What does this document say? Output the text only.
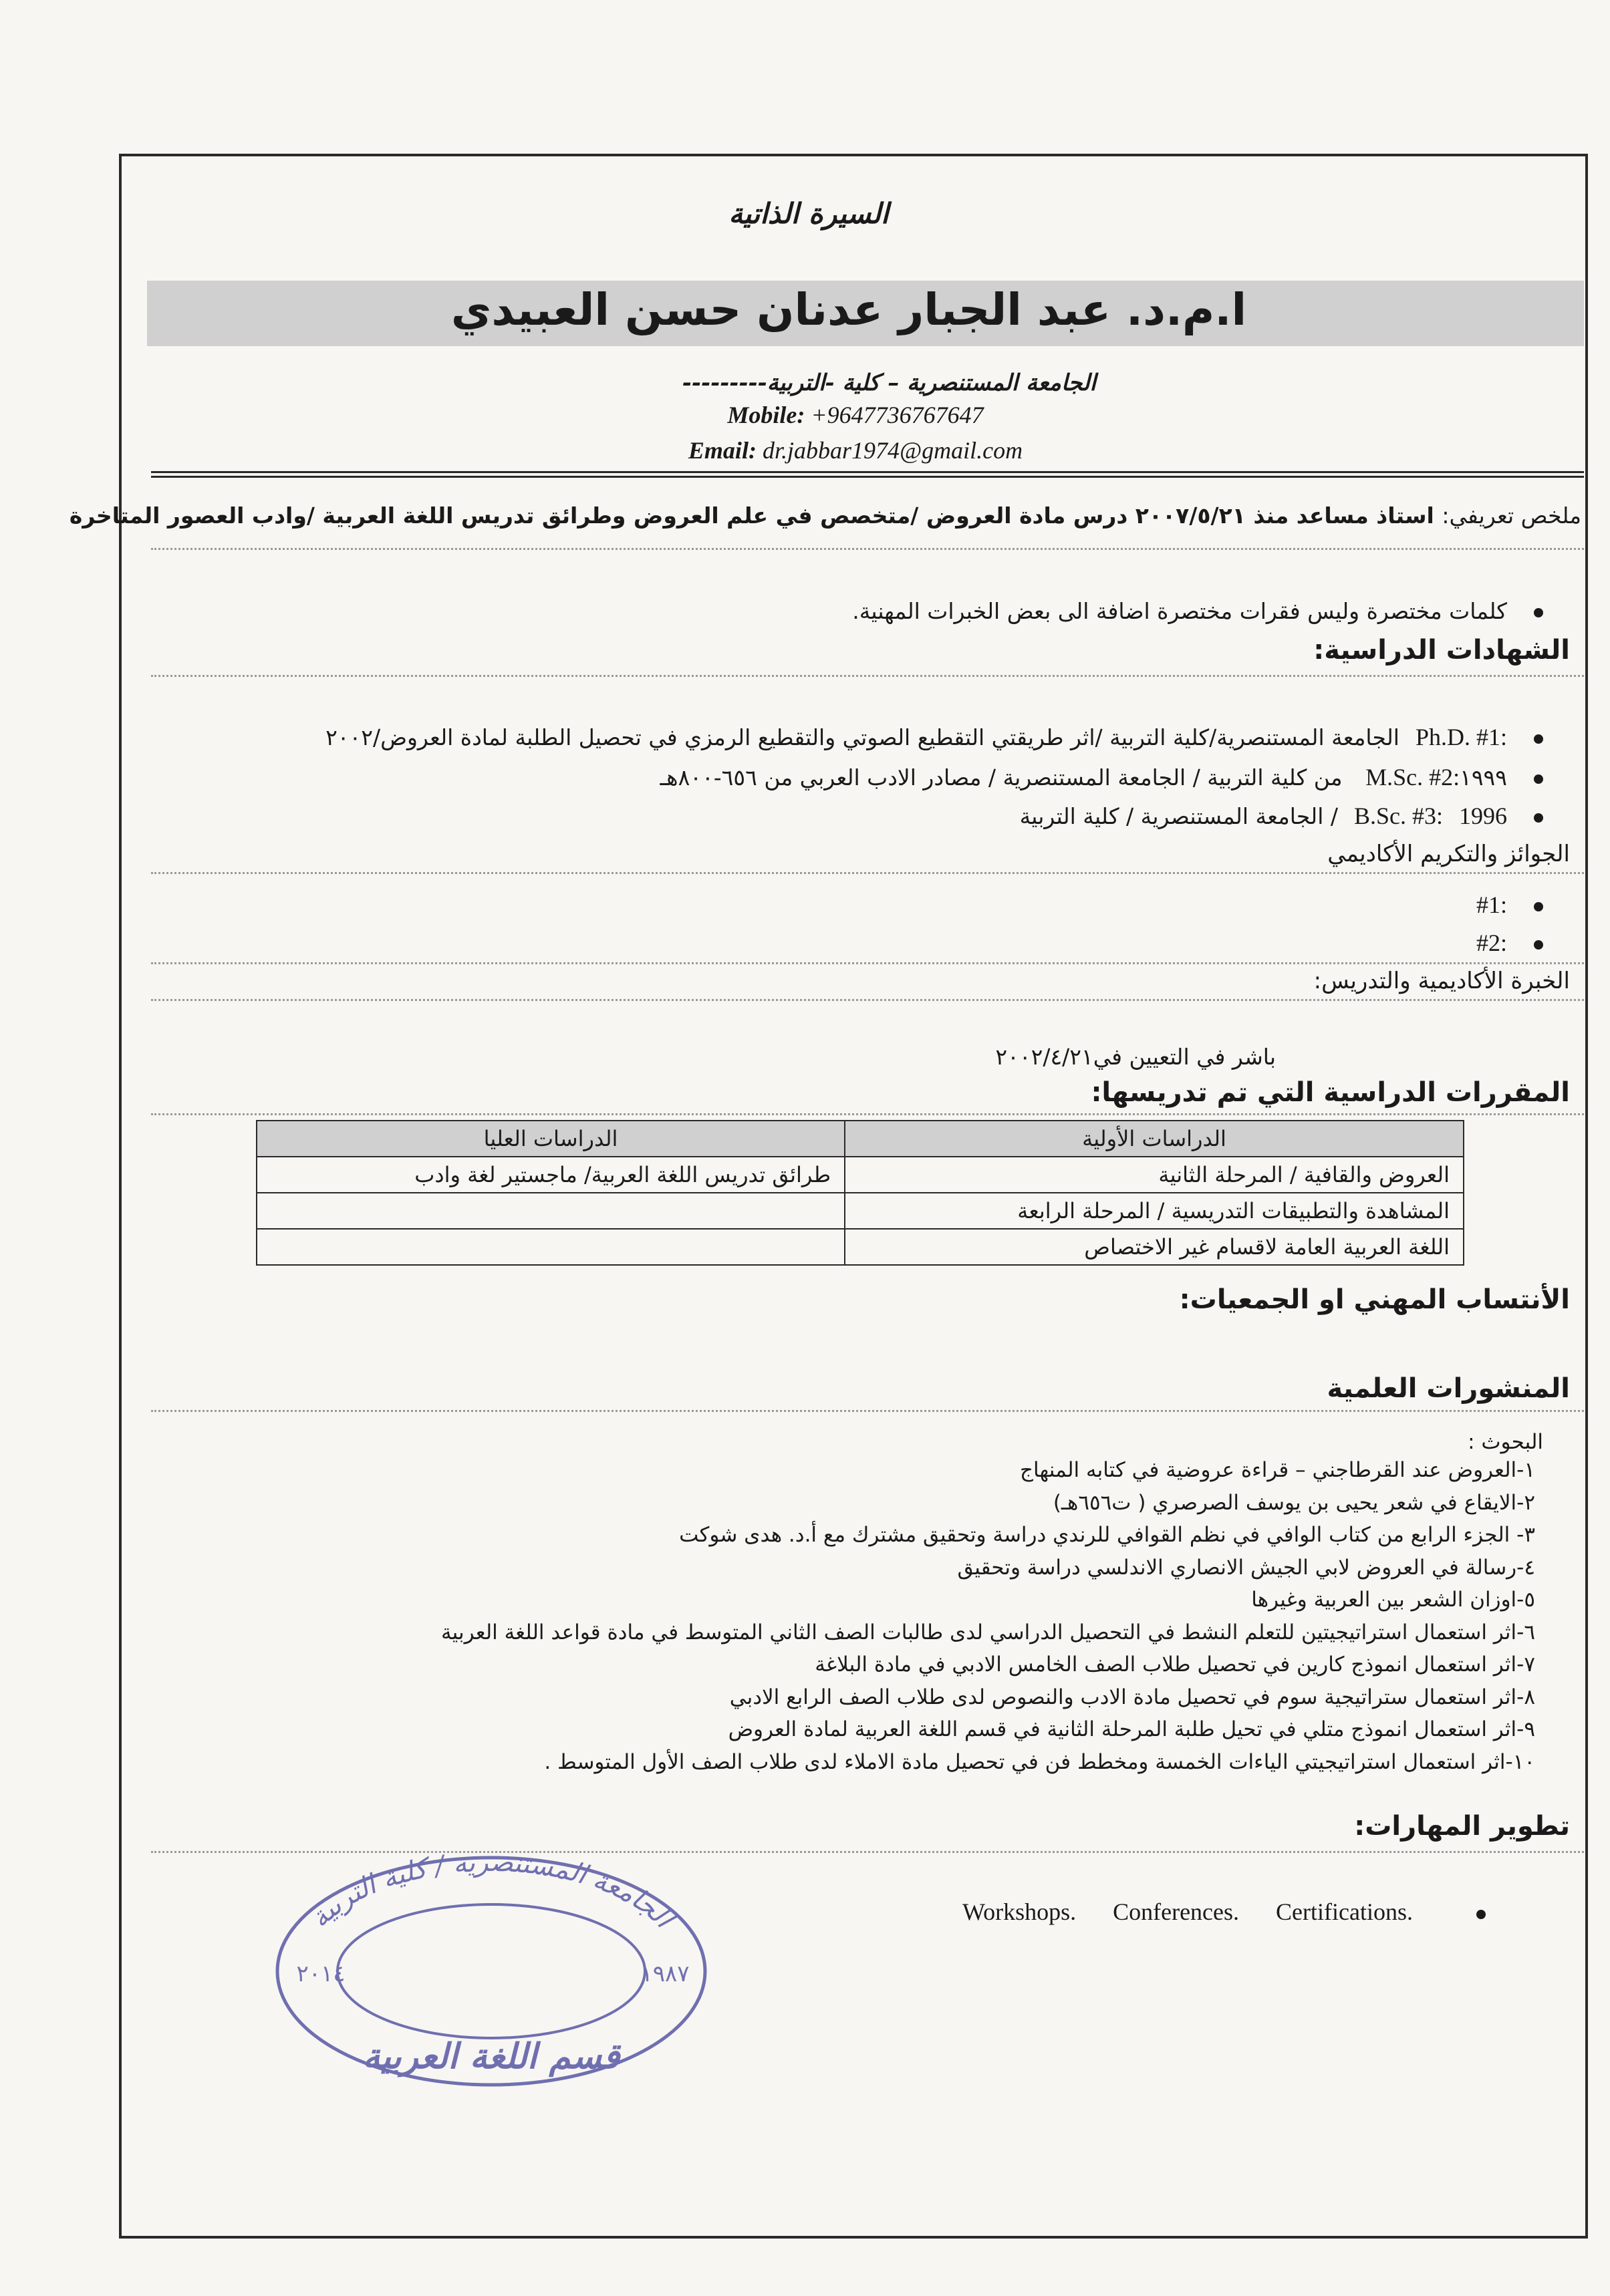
السيرة الذاتية
ا.م.د. عبد الجبار عدنان حسن العبيدي
الجامعة المستنصرية – كلية -التربية---------
Mobile: +9647736767647
Email: dr.jabbar1974@gmail.com
ملخص تعريفي: استاذ مساعد منذ ٢٠٠٧/٥/٢١ درس مادة العروض /متخصص في علم العروض وطرائق تدريس اللغة العربية /وادب العصور المتاخرة
كلمات مختصرة وليس فقرات مختصرة اضافة الى بعض الخبرات المهنية.
الشهادات الدراسية:
Ph.D. #1:الجامعة المستنصرية/كلية التربية /اثر طريقتي التقطيع الصوتي والتقطيع الرمزي في تحصيل الطلبة لمادة العروض/٢٠٠٢
M.Sc. #2:١٩٩٩ من كلية التربية / الجامعة المستنصرية / مصادر الادب العربي من ٦٥٦-٨٠٠هـ
B.Sc. #3: 1996/ الجامعة المستنصرية / كلية التربية
الجوائز والتكريم الأكاديمي
#1:
#2:
الخبرة الأكاديمية والتدريس:
باشر في التعيين في٢٠٠٢/٤/٢١
المقررات الدراسية التي تم تدريسها:
الدراسات الأولية	الدراسات العليا
العروض والقافية / المرحلة الثانية	طرائق تدريس اللغة العربية/ ماجستير لغة وادب
المشاهدة والتطبيقات التدريسية / المرحلة الرابعة	
اللغة العربية العامة لاقسام غير الاختصاص	
الأنتساب المهني او الجمعيات:
المنشورات العلمية
البحوث :
١-العروض عند القرطاجني – قراءة عروضية في كتابه المنهاج
٢-الايقاع في شعر يحيى بن يوسف الصرصري ( ت٦٥٦هـ)
٣- الجزء الرابع من كتاب الوافي في نظم القوافي للرندي دراسة وتحقيق مشترك مع أ.د. هدى شوكت
٤-رسالة في العروض لابي الجيش الانصاري الاندلسي دراسة وتحقيق
٥-اوزان الشعر بين العربية وغيرها
٦-اثر استعمال استراتيجيتين للتعلم النشط في التحصيل الدراسي لدى طالبات الصف الثاني المتوسط في مادة قواعد اللغة العربية
٧-اثر استعمال انموذج كارين في تحصيل طلاب الصف الخامس الادبي في مادة البلاغة
٨-اثر استعمال ستراتيجية سوم في تحصيل مادة الادب والنصوص لدى طلاب الصف الرابع الادبي
٩-اثر استعمال انموذج متلي في تحيل طلبة المرحلة الثانية في قسم اللغة العربية لمادة العروض
١٠-اثر استعمال استراتيجيتي الياءات الخمسة ومخطط فن في تحصيل مادة الاملاء لدى طلاب الصف الأول المتوسط .
تطوير المهارات:
Workshops. Conferences. Certifications.
الجامعة المستنصرية / كلية التربية
٢٠١٤	١٩٨٧
قسم اللغة العربية
